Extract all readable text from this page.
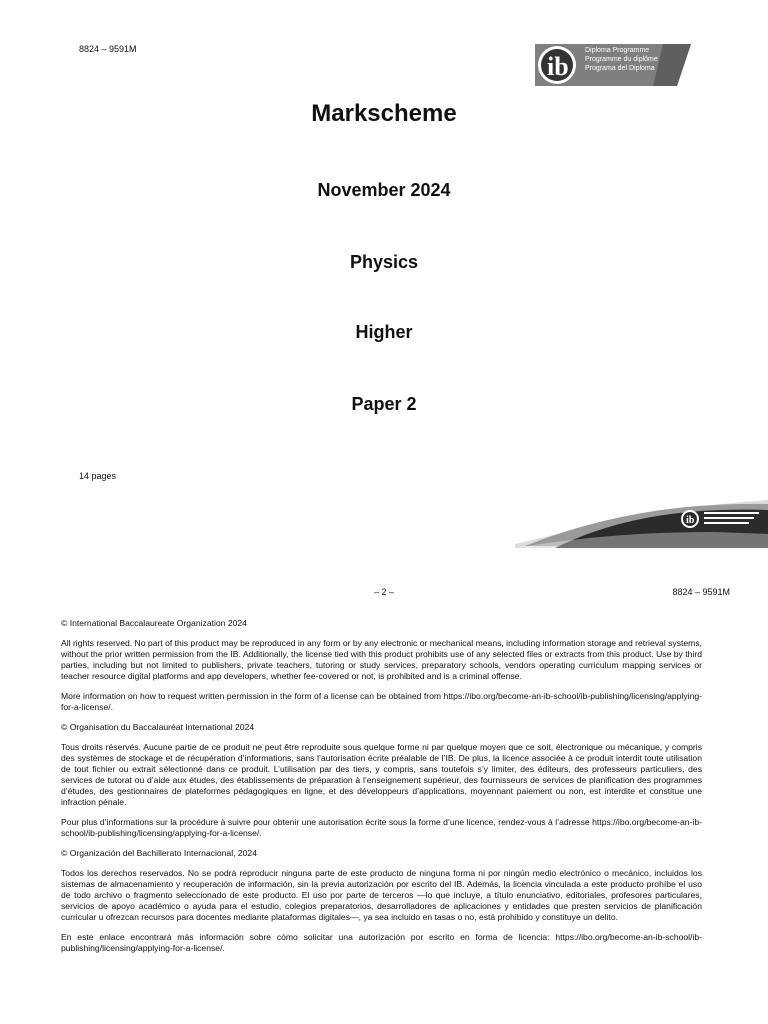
8824 – 9591M
ib
Diploma Programme
Programme du diplôme
Programa del Diploma
Markscheme
November 2024
Physics
Higher
Paper 2
14 pages
ib
– 2 –	8824 – 9591M

© International Baccalaureate Organization 2024

All rights reserved. No part of this product may be reproduced in any form or by any electronic or mechanical means, including information storage and retrieval systems, without the prior written permission from the IB. Additionally, the license tied with this product prohibits use of any selected files or extracts from this product. Use by third parties, including but not limited to publishers, private teachers, tutoring or study services, preparatory schools, vendors operating curriculum mapping services or teacher resource digital platforms and app developers, whether fee-covered or not, is prohibited and is a criminal offense.

More information on how to request written permission in the form of a license can be obtained from https://ibo.org/become-an-ib-school/ib-publishing/licensing/applying-for-a-license/.

© Organisation du Baccalauréat International 2024

Tous droits réservés. Aucune partie de ce produit ne peut être reproduite sous quelque forme ni par quelque moyen que ce soit, électronique ou mécanique, y compris des systèmes de stockage et de récupération d’informations, sans l’autorisation écrite préalable de l’IB. De plus, la licence associée à ce produit interdit toute utilisation de tout fichier ou extrait sélectionné dans ce produit. L’utilisation par des tiers, y compris, sans toutefois s’y limiter, des éditeurs, des professeurs particuliers, des services de tutorat ou d’aide aux études, des établissements de préparation à l’enseignement supérieur, des fournisseurs de services de planification des programmes d’études, des gestionnaires de plateformes pédagogiques en ligne, et des développeurs d’applications, moyennant paiement ou non, est interdite et constitue une infraction pénale.

Pour plus d’informations sur la procédure à suivre pour obtenir une autorisation écrite sous la forme d’une licence, rendez-vous à l’adresse https://ibo.org/become-an-ib-school/ib-publishing/licensing/applying-for-a-license/.

© Organización del Bachillerato Internacional, 2024

Todos los derechos reservados. No se podrá reproducir ninguna parte de este producto de ninguna forma ni por ningún medio electrónico o mecánico, incluidos los sistemas de almacenamiento y recuperación de información, sin la previa autorización por escrito del IB. Además, la licencia vinculada a este producto prohíbe el uso de todo archivo o fragmento seleccionado de este producto. El uso por parte de terceros —lo que incluye, a título enunciativo, editoriales, profesores particulares, servicios de apoyo académico o ayuda para el estudio, colegios preparatorios, desarrolladores de aplicaciones y entidades que presten servicios de planificación curricular u ofrezcan recursos para docentes mediante plataformas digitales—, ya sea incluido en tasas o no, está prohibido y constituye un delito.

En este enlace encontrará más información sobre cómo solicitar una autorización por escrito en forma de licencia: https://ibo.org/become-an-ib-school/ib-publishing/licensing/applying-for-a-license/.
